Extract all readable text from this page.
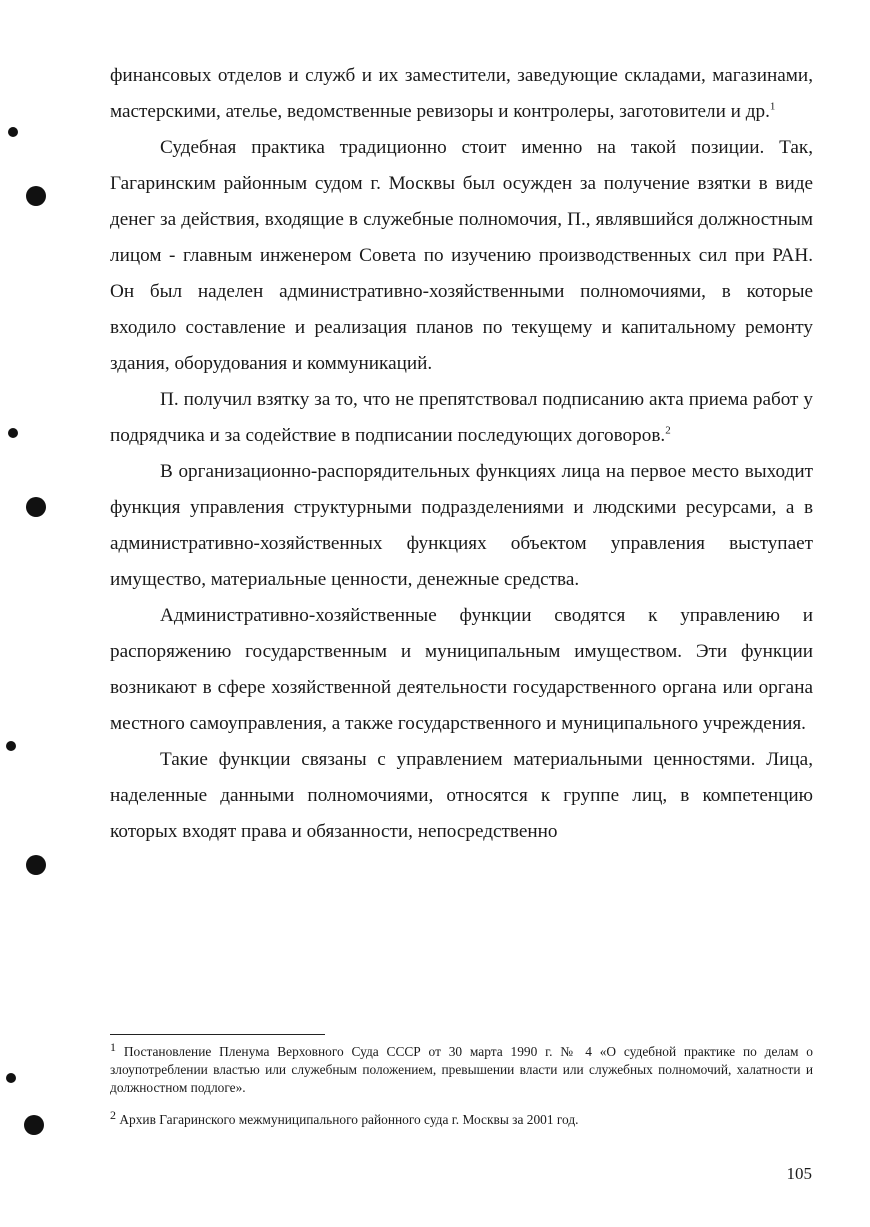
финансовых отделов и служб и их заместители, заведующие складами, магазинами, мастерскими, ателье, ведомственные ревизоры и контролеры, заготовители и др.$^1$

Судебная практика традиционно стоит именно на такой позиции. Так, Гагаринским районным судом г. Москвы был осужден за получение взятки в виде денег за действия, входящие в служебные полномочия, П., являвшийся должностным лицом - главным инженером Совета по изучению производственных сил при РАН. Он был наделен административно-хозяйственными полномочиями, в которые входило составление и реализация планов по текущему и капитальному ремонту здания, оборудования и коммуникаций.

П. получил взятку за то, что не препятствовал подписанию акта приема работ у подрядчика и за содействие в подписании последующих договоров.$^2$

В организационно-распорядительных функциях лица на первое место выходит функция управления структурными подразделениями и людскими ресурсами, а в административно-хозяйственных функциях объектом управления выступает имущество, материальные ценности, денежные средства.

Административно-хозяйственные функции сводятся к управлению и распоряжению государственным и муниципальным имуществом. Эти функции возникают в сфере хозяйственной деятельности государственного органа или органа местного самоуправления, а также государственного и муниципального учреждения.

Такие функции связаны с управлением материальными ценностями. Лица, наделенные данными полномочиями, относятся к группе лиц, в компетенцию которых входят права и обязанности, непосредственно

$^1$ Постановление Пленума Верховного Суда СССР от 30 марта 1990 г. № 4 «О судебной практике по делам о злоупотреблении властью или служебным положением, превышении власти или служебных полномочий, халатности и должностном подлоге».

$^2$ Архив Гагаринского межмуниципального районного суда г. Москвы за 2001 год.

105
